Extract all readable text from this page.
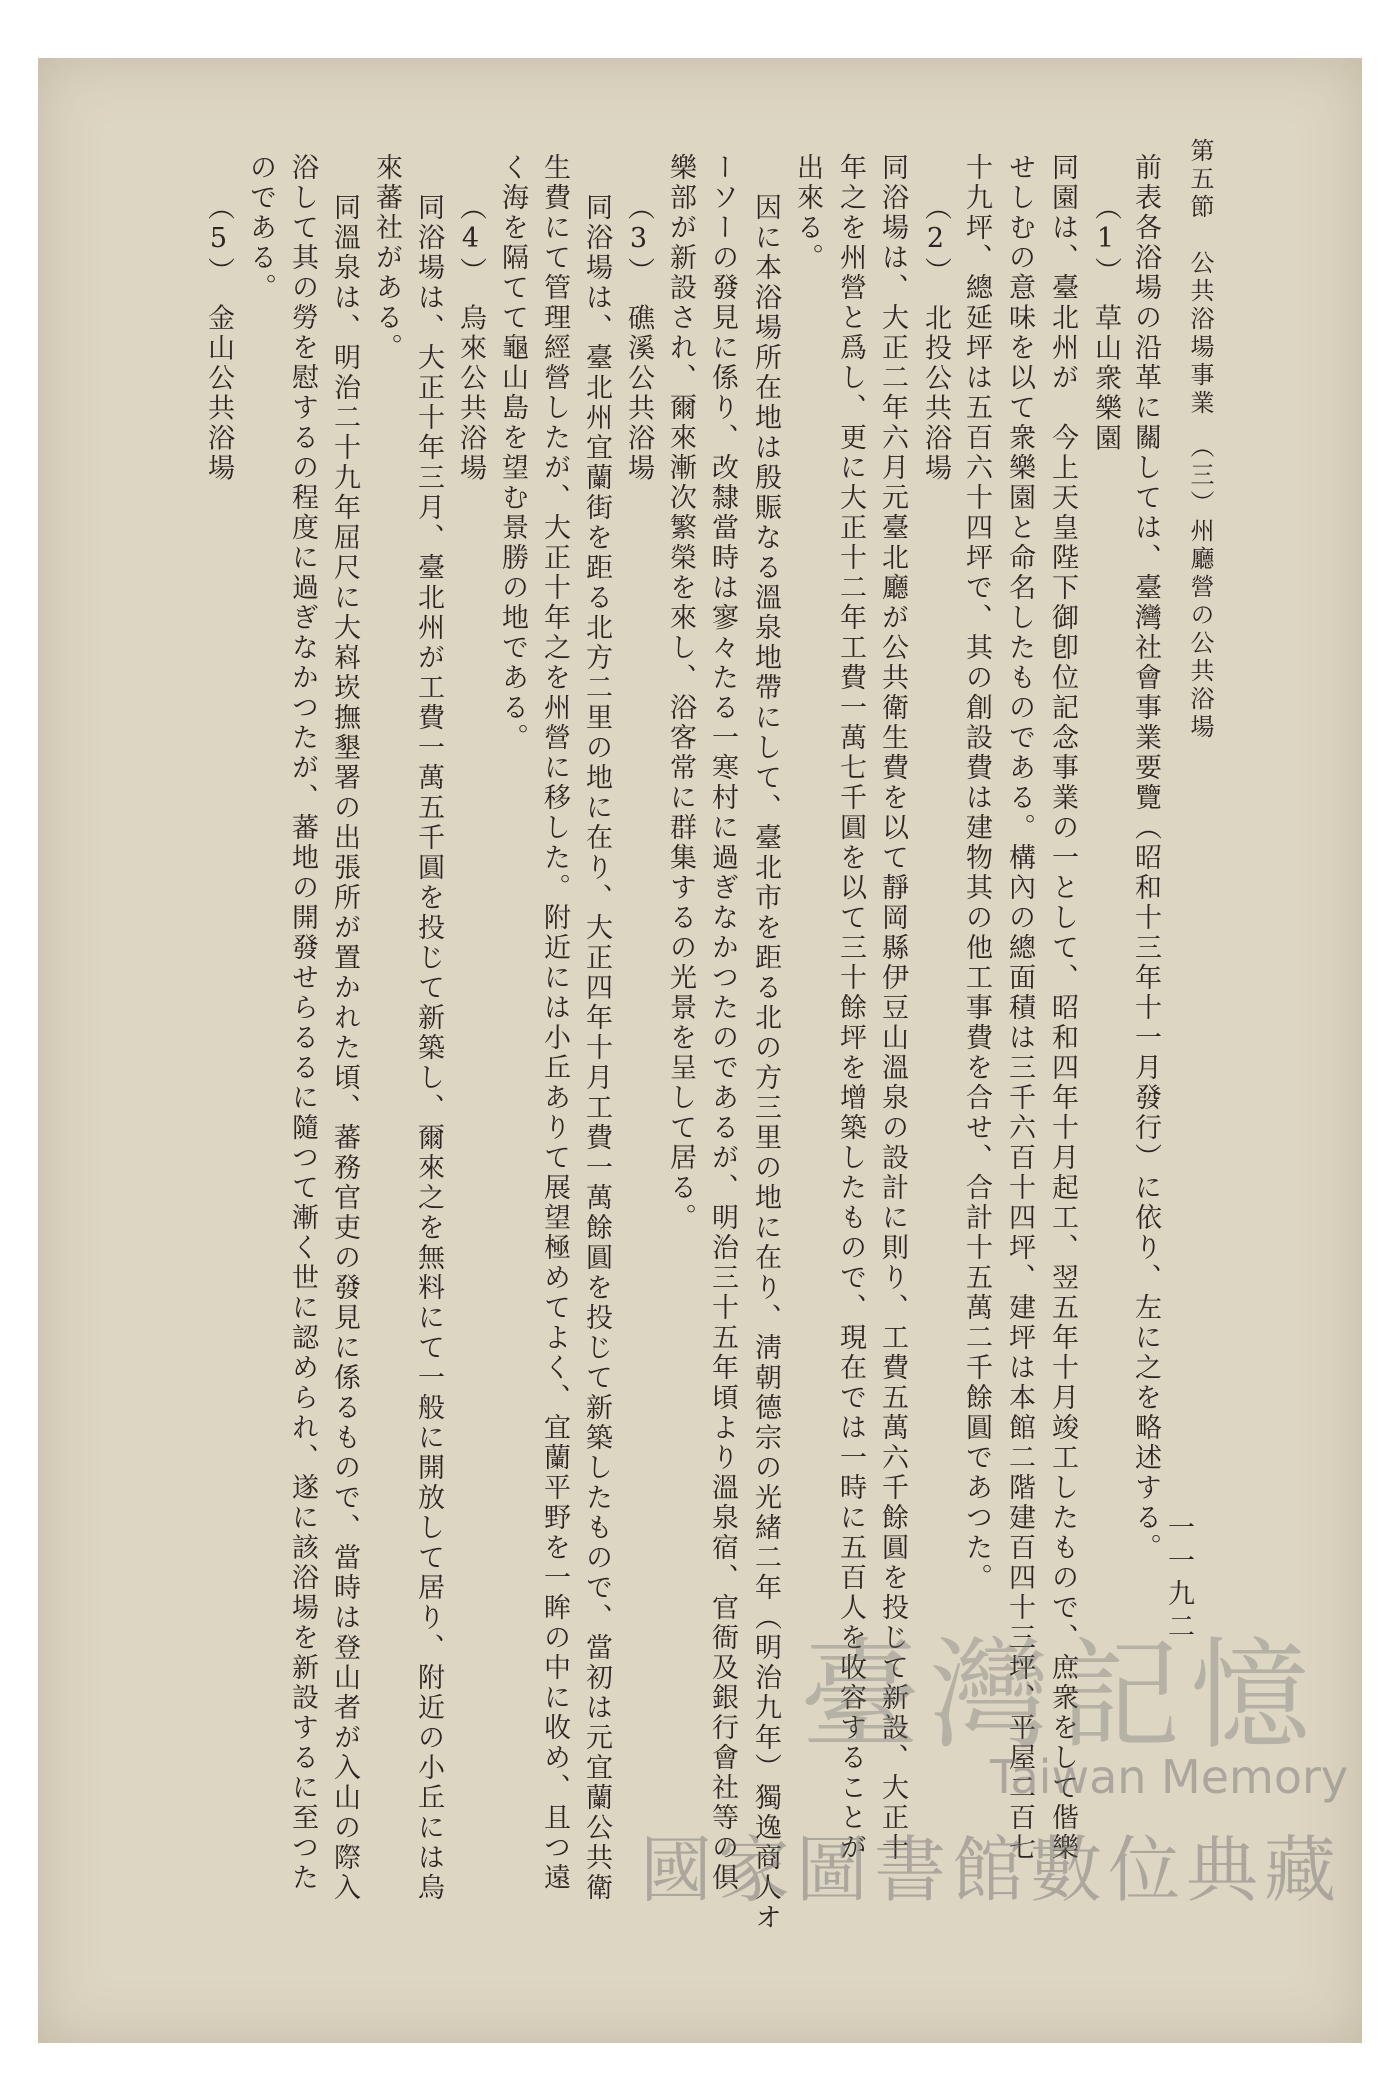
一一九二
第五節　公共浴場事業　（三）州廳營の公共浴場
前表各浴場の沿革に關しては、臺灣社會事業要覽（昭和十三年十一月發行）に依り、左に之を略述する。
（1）　草山衆樂園
同園は、臺北州が　今上天皇陛下御卽位記念事業の一として、昭和四年十月起工、翌五年十月竣工したもので、庶衆をして偕樂
せしむの意味を以て衆樂園と命名したものである。構內の總面積は三千六百十四坪、建坪は本館二階建百四十三坪、平屋二百七
十九坪、總延坪は五百六十四坪で、其の創設費は建物其の他工事費を合せ、合計十五萬二千餘圓であつた。
（2）　北投公共浴場
同浴場は、大正二年六月元臺北廳が公共衛生費を以て靜岡縣伊豆山溫泉の設計に則り、工費五萬六千餘圓を投じて新設、大正十
年之を州營と爲し、更に大正十二年工費一萬七千圓を以て三十餘坪を增築したもので、現在では一時に五百人を收容することが
出來る。
因に本浴場所在地は殷賑なる溫泉地帶にして、臺北市を距る北の方三里の地に在り、淸朝德宗の光緒二年（明治九年）獨逸商人オ
ーソーの發見に係り、改隸當時は寥々たる一寒村に過ぎなかつたのであるが、明治三十五年頃より溫泉宿、官衙及銀行會社等の俱
樂部が新設され、爾來漸次繁榮を來し、浴客常に群集するの光景を呈して居る。
（3）　礁溪公共浴場
同浴場は、臺北州宜蘭街を距る北方二里の地に在り、大正四年十月工費一萬餘圓を投じて新築したもので、當初は元宜蘭公共衛
生費にて管理經營したが、大正十年之を州營に移した。附近には小丘ありて展望極めてよく、宜蘭平野を一眸の中に收め、且つ遠
く海を隔てて龜山島を望む景勝の地である。
（4）　烏來公共浴場
同浴場は、大正十年三月、臺北州が工費一萬五千圓を投じて新築し、爾來之を無料にて一般に開放して居り、附近の小丘には烏
來蕃社がある。
同溫泉は、明治二十九年屈尺に大嵙崁撫墾署の出張所が置かれた頃、蕃務官吏の發見に係るもので、當時は登山者が入山の際入
浴して其の勞を慰するの程度に過ぎなかつたが、蕃地の開發せらるるに隨つて漸く世に認められ、遂に該浴場を新設するに至つた
のである。
（5）　金山公共浴場
臺灣記憶
Taiwan Memory
國家圖書館數位典藏
